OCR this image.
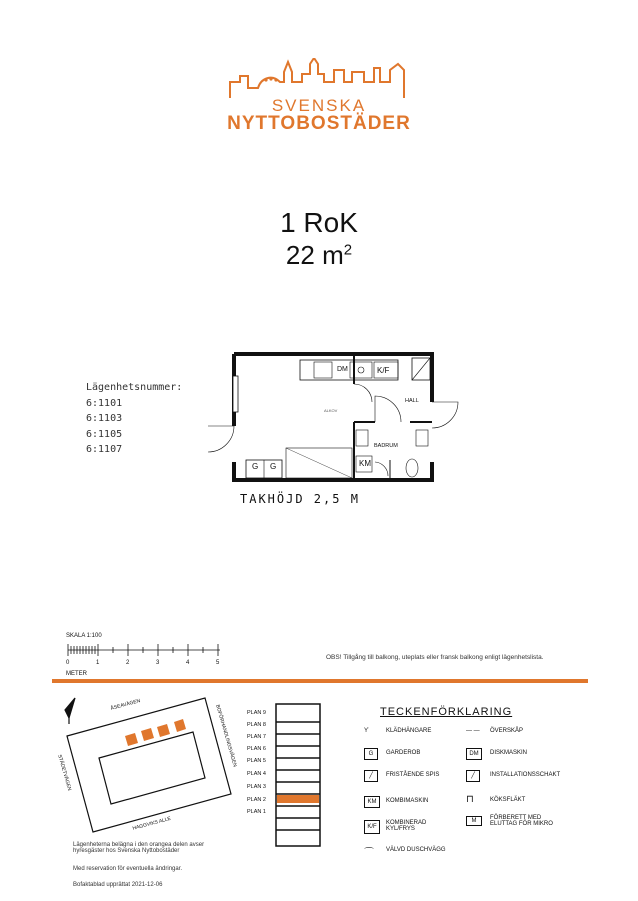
SVENSKA
NYTTOBOSTÄDER
1 RoK
22 $m^2$
Lägenhetsnummer:
6:1101
6:1103
6:1105
6:1107
HALL
BADRUM
DM	K/F
KM
G G
ALKOV
TAKHÖJD 2,5 M
SKALA 1:100
0	1	2	3	4	5
METER
OBS! Tillgång till balkong, uteplats eller fransk balkong enligt lägenhetslista.
ÅSEAVÄGEN	BOFÖRHANDLINGSVÄGEN
STÄDETVÄGEN
HAGGVIKS ALLE
PLAN 9
PLAN 8
PLAN 7
PLAN 6
PLAN 5
PLAN 4
PLAN 3
PLAN 2
PLAN 1
TECKENFÖRKLARING
ϒ	KLÄDHÄNGARE
G	GARDEROB
╱	FRISTÅENDE SPIS
KM	KOMBIMASKIN
K/F
KOMBINERAD KYL/FRYS
⌒ VÄLVD DUSCHVÄGG
— — ÖVERSKÅP
DM	DISKMASKIN
╱	INSTALLATIONSSCHAKT
⊓	KÖKSFLÄKT
M	FÖRBERETT MED ELUTTAG FÖR MIKRO
Lägenheterna belägna i den orangea delen avser hyresgäster hos Svenska Nyttobostäder
Med reservation för eventuella ändringar.
Bofaktablad upprättat 2021-12-06
